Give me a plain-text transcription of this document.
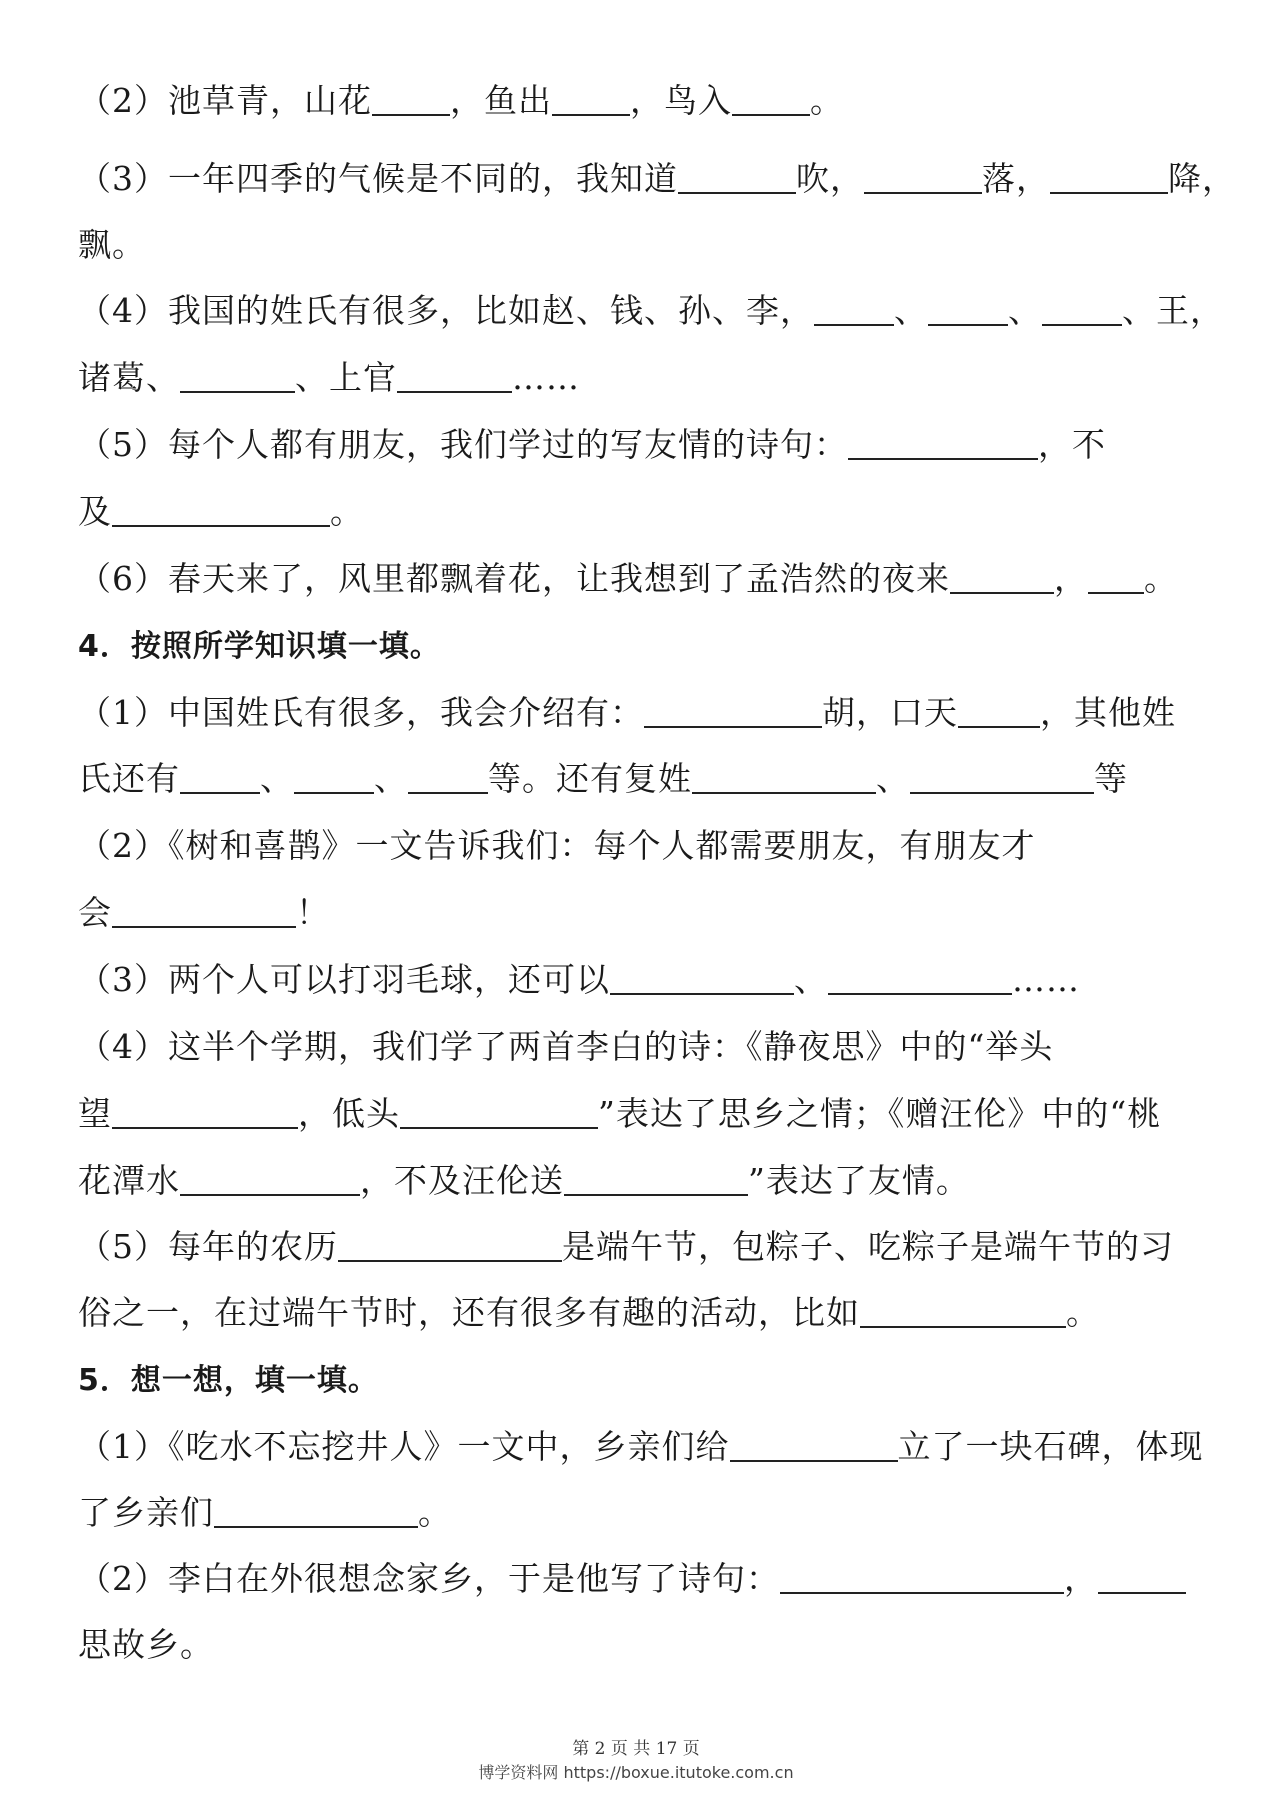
（2）池草青，山花 ，鱼出 ，鸟入 。
（3）一年四季的气候是不同的，我知道	吹，	落，	降，
飘。
（4）我国的姓氏有很多，比如赵、钱、孙、李， 、 、 、王，
诸葛、	、上官	……
（5）每个人都有朋友，我们学过的写友情的诗句：	，不
及	。
（6）春天来了，风里都飘着花，让我想到了孟浩然的夜来	， 。
4．按照所学知识填一填。
（1）中国姓氏有很多，我会介绍有：	胡，口天 ，其他姓
氏还有 、 、 等。还有复姓	、	等
（2）《树和喜鹊》一文告诉我们：每个人都需要朋友，有朋友才
会	！
（3）两个人可以打羽毛球，还可以	、	……
（4）这半个学期，我们学了两首李白的诗：《静夜思》中的“举头
望	，低头	”表达了思乡之情；《赠汪伦》中的“桃
花潭水	，不及汪伦送	”表达了友情。
（5）每年的农历	是端午节，包粽子、吃粽子是端午节的习
俗之一，在过端午节时，还有很多有趣的活动，比如	。
5．想一想，填一填。
（1）《吃水不忘挖井人》一文中，乡亲们给	立了一块石碑，体现
了乡亲们	。
（2）李白在外很想念家乡，于是他写了诗句：	，
思故乡。
第 2 页 共 17 页
博学资料网 https://boxue.itutoke.com.cn
